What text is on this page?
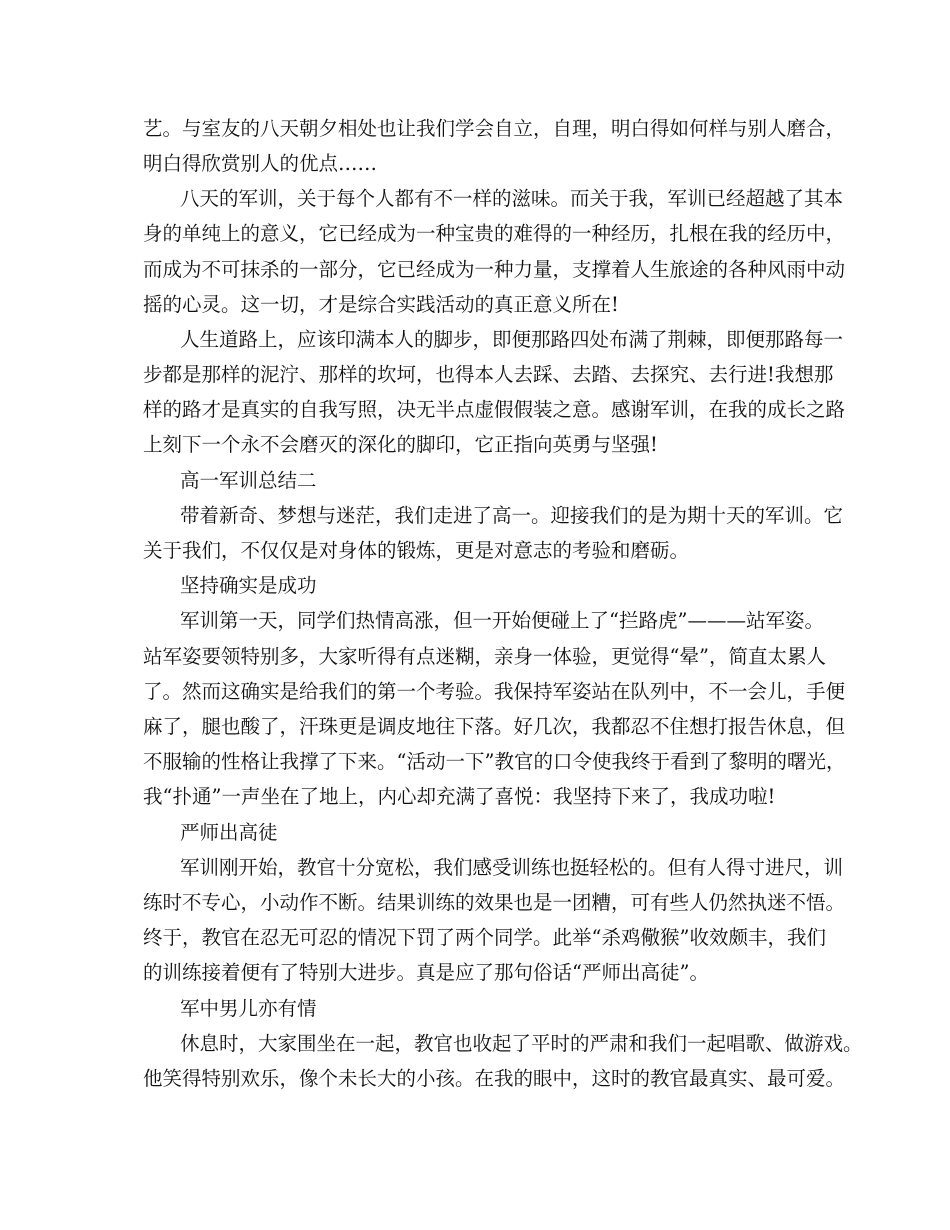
艺。与室友的八天朝夕相处也让我们学会自立，自理，明白得如何样与别人磨合，
明白得欣赏别人的优点……
八天的军训，关于每个人都有不一样的滋味。而关于我，军训已经超越了其本
身的单纯上的意义，它已经成为一种宝贵的难得的一种经历，扎根在我的经历中，
而成为不可抹杀的一部分，它已经成为一种力量，支撑着人生旅途的各种风雨中动
摇的心灵。这一切，才是综合实践活动的真正意义所在!
人生道路上，应该印满本人的脚步，即便那路四处布满了荆棘，即便那路每一
步都是那样的泥泞、那样的坎坷，也得本人去踩、去踏、去探究、去行进!我想那
样的路才是真实的自我写照，决无半点虚假假装之意。感谢军训，在我的成长之路
上刻下一个永不会磨灭的深化的脚印，它正指向英勇与坚强!
高一军训总结二
带着新奇、梦想与迷茫，我们走进了高一。迎接我们的是为期十天的军训。它
关于我们，不仅仅是对身体的锻炼，更是对意志的考验和磨砺。
坚持确实是成功
军训第一天，同学们热情高涨，但一开始便碰上了“拦路虎”———站军姿。
站军姿要领特别多，大家听得有点迷糊，亲身一体验，更觉得“晕”，简直太累人
了。然而这确实是给我们的第一个考验。我保持军姿站在队列中，不一会儿，手便
麻了，腿也酸了，汗珠更是调皮地往下落。好几次，我都忍不住想打报告休息，但
不服输的性格让我撑了下来。“活动一下”教官的口令使我终于看到了黎明的曙光，
我“扑通”一声坐在了地上，内心却充满了喜悦：我坚持下来了，我成功啦!
严师出高徒
军训刚开始，教官十分宽松，我们感受训练也挺轻松的。但有人得寸进尺，训
练时不专心，小动作不断。结果训练的效果也是一团糟，可有些人仍然执迷不悟。
终于，教官在忍无可忍的情况下罚了两个同学。此举“杀鸡儆猴”收效颇丰，我们
的训练接着便有了特别大进步。真是应了那句俗话“严师出高徒”。
军中男儿亦有情
休息时，大家围坐在一起，教官也收起了平时的严肃和我们一起唱歌、做游戏。
他笑得特别欢乐，像个未长大的小孩。在我的眼中，这时的教官最真实、最可爱。
